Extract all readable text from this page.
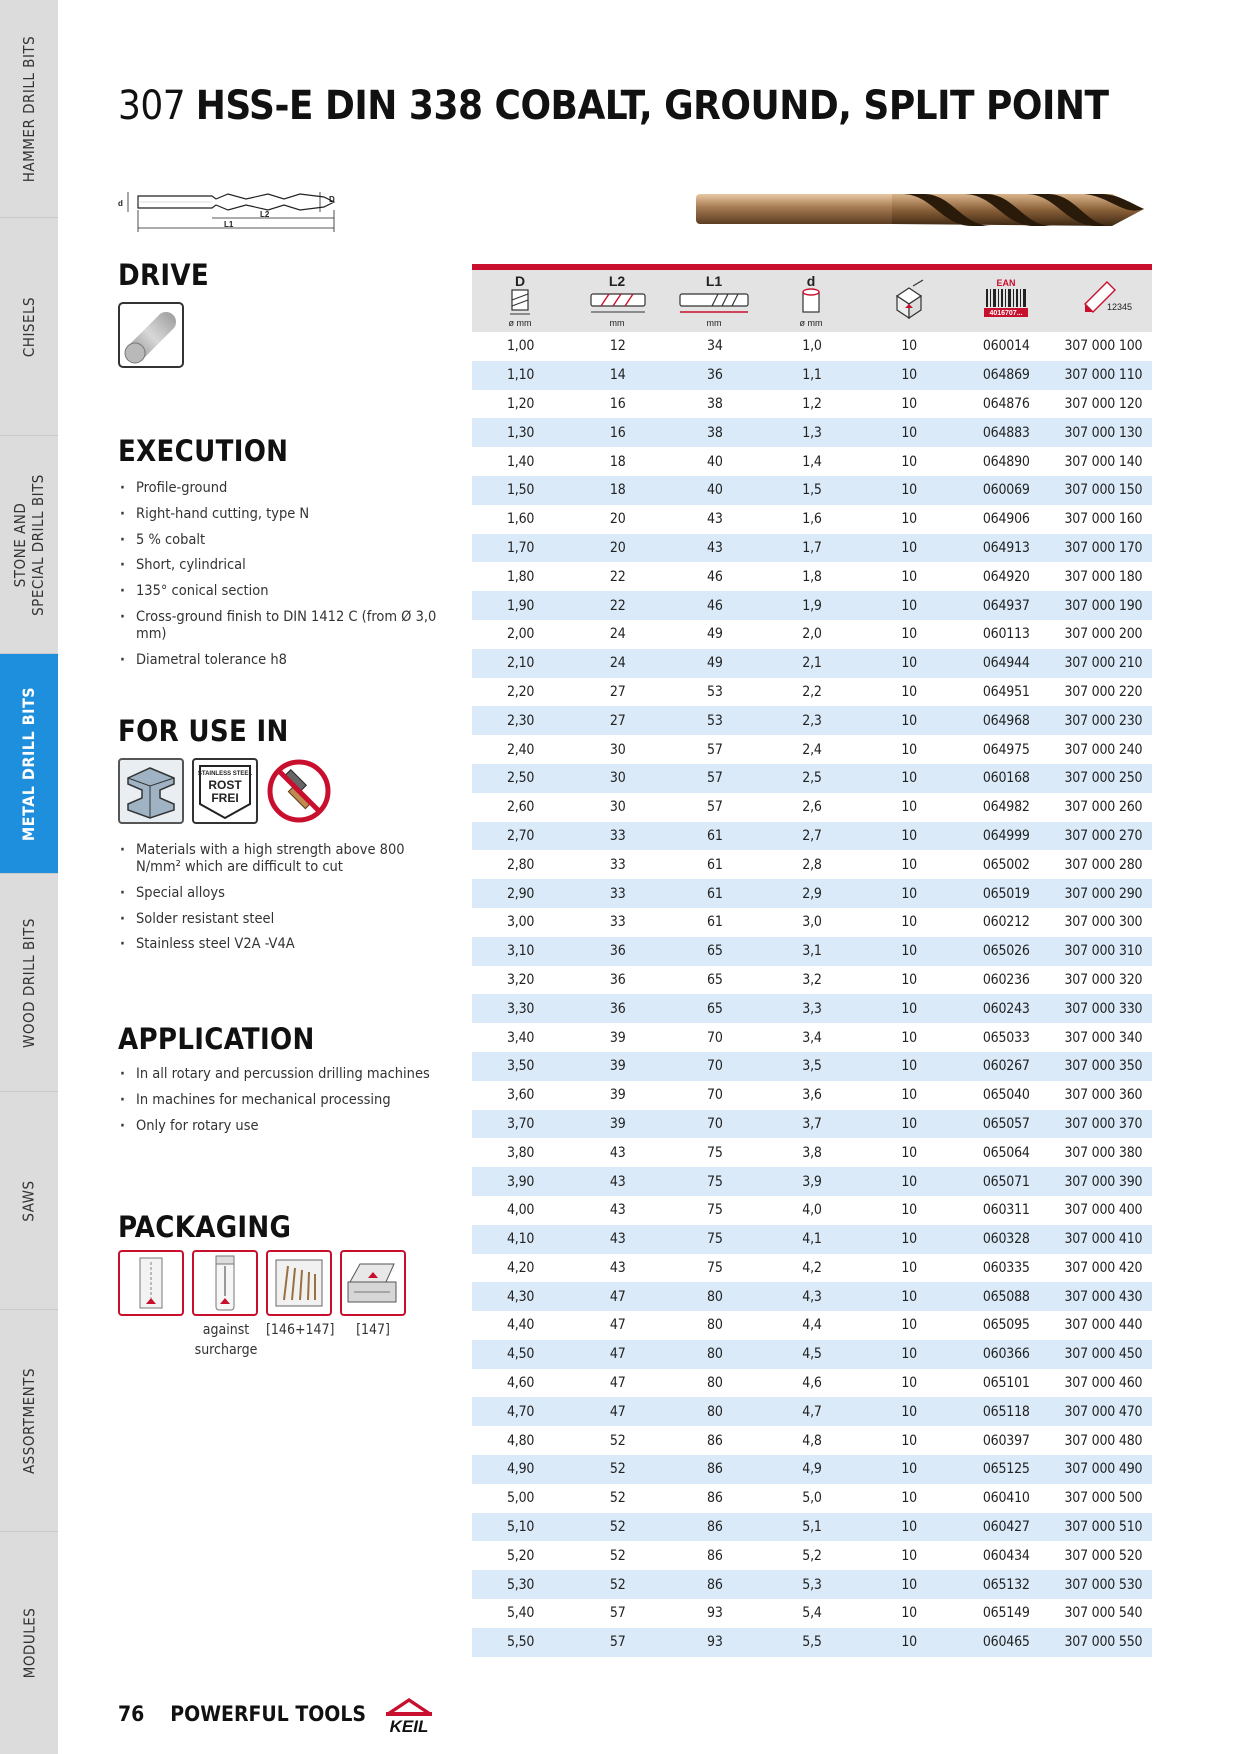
HAMMER DRILL BITS
CHISELS
STONE AND
SPECIAL DRILL BITS
METAL DRILL BITS
WOOD DRILL BITS
SAWS
ASSORTMENTS
MODULES
307 HSS-E DIN 338 COBALT, GROUND, SPLIT POINT
d	D
L2
L1
DRIVE
EXECUTION
· Profile-ground
· Right-hand cutting, type N
· 5 % cobalt
· Short, cylindrical
· 135° conical section
· Cross-ground finish to DIN 1412 C (from Ø 3,0 mm)
· Diametral tolerance h8
FOR USE IN
STAINLESS STEEL
ROST
FREI
· Materials with a high strength above 800 N/mm² which are difficult to cut
· Special alloys
· Solder resistant steel
· Stainless steel V2A -V4A
APPLICATION
· In all rotary and percussion drilling machines
· In machines for mechanical processing
· Only for rotary use
PACKAGING
against surcharge
[146+147]	[147]
D
ø mm
L2
mm
L1
mm
d
ø mm
EAN
4016707...
12345
1,00	12	34	1,0	10	060014	307 000 100
1,10	14	36	1,1	10	064869	307 000 110
1,20	16	38	1,2	10	064876	307 000 120
1,30	16	38	1,3	10	064883	307 000 130
1,40	18	40	1,4	10	064890	307 000 140
1,50	18	40	1,5	10	060069	307 000 150
1,60	20	43	1,6	10	064906	307 000 160
1,70	20	43	1,7	10	064913	307 000 170
1,80	22	46	1,8	10	064920	307 000 180
1,90	22	46	1,9	10	064937	307 000 190
2,00	24	49	2,0	10	060113	307 000 200
2,10	24	49	2,1	10	064944	307 000 210
2,20	27	53	2,2	10	064951	307 000 220
2,30	27	53	2,3	10	064968	307 000 230
2,40	30	57	2,4	10	064975	307 000 240
2,50	30	57	2,5	10	060168	307 000 250
2,60	30	57	2,6	10	064982	307 000 260
2,70	33	61	2,7	10	064999	307 000 270
2,80	33	61	2,8	10	065002	307 000 280
2,90	33	61	2,9	10	065019	307 000 290
3,00	33	61	3,0	10	060212	307 000 300
3,10	36	65	3,1	10	065026	307 000 310
3,20	36	65	3,2	10	060236	307 000 320
3,30	36	65	3,3	10	060243	307 000 330
3,40	39	70	3,4	10	065033	307 000 340
3,50	39	70	3,5	10	060267	307 000 350
3,60	39	70	3,6	10	065040	307 000 360
3,70	39	70	3,7	10	065057	307 000 370
3,80	43	75	3,8	10	065064	307 000 380
3,90	43	75	3,9	10	065071	307 000 390
4,00	43	75	4,0	10	060311	307 000 400
4,10	43	75	4,1	10	060328	307 000 410
4,20	43	75	4,2	10	060335	307 000 420
4,30	47	80	4,3	10	065088	307 000 430
4,40	47	80	4,4	10	065095	307 000 440
4,50	47	80	4,5	10	060366	307 000 450
4,60	47	80	4,6	10	065101	307 000 460
4,70	47	80	4,7	10	065118	307 000 470
4,80	52	86	4,8	10	060397	307 000 480
4,90	52	86	4,9	10	065125	307 000 490
5,00	52	86	5,0	10	060410	307 000 500
5,10	52	86	5,1	10	060427	307 000 510
5,20	52	86	5,2	10	060434	307 000 520
5,30	52	86	5,3	10	065132	307 000 530
5,40	57	93	5,4	10	065149	307 000 540
5,50	57	93	5,5	10	060465	307 000 550
76 POWERFUL TOOLS
KEIL
